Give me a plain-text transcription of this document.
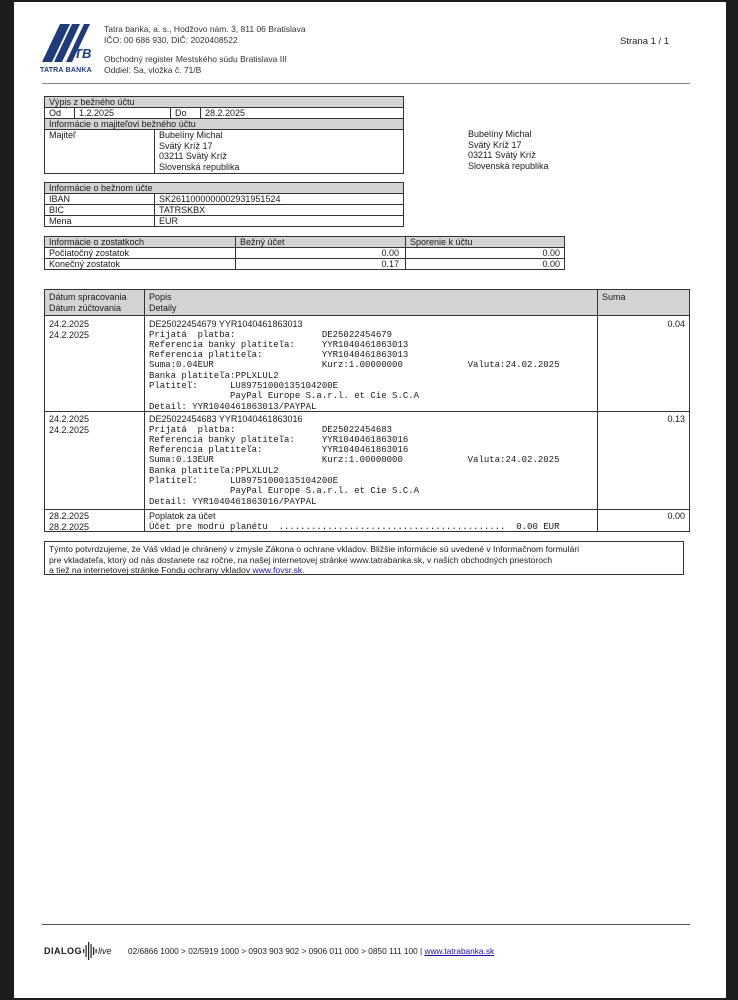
TB
TATRA BANKA
Tatra banka, a. s., Hodžovo nám. 3, 811 06 Bratislava
IČO: 00 686 930, DIČ: 2020408522
Obchodný register Mestského súdu Bratislava III
Oddiel: Sa, vložka č. 71/B
Strana 1 / 1
Výpis z bežného účtu
Od	1.2.2025	Do	28.2.2025
Informácie o majiteľovi bežného účtu
Majiteľ	Bubelíny Michal
Svätý Kríž 17
03211 Svätý Kríž
Slovenská republika
Bubelíny Michal
Svätý Kríž 17
03211 Svätý Kríž
Slovenská republika
Informácie o bežnom účte
IBAN	SK2611000000002931951524
BIC	TATRSKBX
Mena	EUR
Informácie o zostatkoch	Bežný účet	Sporenie k účtu
Počiatočný zostatok	0.00	0.00
Konečný zostatok	0.17	0.00
Dátum spracovania
Dátum zúčtovania
Popis
Detaily
Suma
24.2.2025
24.2.2025
DE25022454679 YYR1040461863013
Prijatá  platba:                DE25022454679
Referencia banky platiteľa:     YYR1040461863013
Referencia platiteľa:           YYR1040461863013
Suma:0.04EUR                    Kurz:1.00000000            Valuta:24.02.2025
Banka platiteľa:PPLXLUL2
Platiteľ:      LU89751000135104200E
PayPal Europe S.a.r.l. et Cie S.C.A
Detail: YYR1040461863013/PAYPAL
0.04
24.2.2025
24.2.2025
DE25022454683 YYR1040461863016
Prijatá  platba:                DE25022454683
Referencia banky platiteľa:     YYR1040461863016
Referencia platiteľa:           YYR1040461863016
Suma:0.13EUR                    Kurz:1.00000000            Valuta:24.02.2025
Banka platiteľa:PPLXLUL2
Platiteľ:      LU89751000135104200E
PayPal Europe S.a.r.l. et Cie S.C.A
Detail: YYR1040461863016/PAYPAL
0.13
28.2.2025
28.2.2025
Poplatok za účet
Účet pre modrú planétu  ..........................................  0.00 EUR
0.00
Týmto potvrdzujeme, že Váš vklad je chránený v zmysle Zákona o ochrane vkladov. Bližšie informácie sú uvedené v Informačnom formulári
pre vkladateľa, ktorý od nás dostanete raz ročne, na našej internetovej stránke www.tatrabanka.sk, v našich obchodných priestoroch
a tiež na internetovej stránke Fondu ochrany vkladov www.fovsr.sk.
DIALOG live 02/6866 1000 > 02/5919 1000 > 0903 903 902 > 0906 011 000 > 0850 111 100 | www.tatrabanka.sk
